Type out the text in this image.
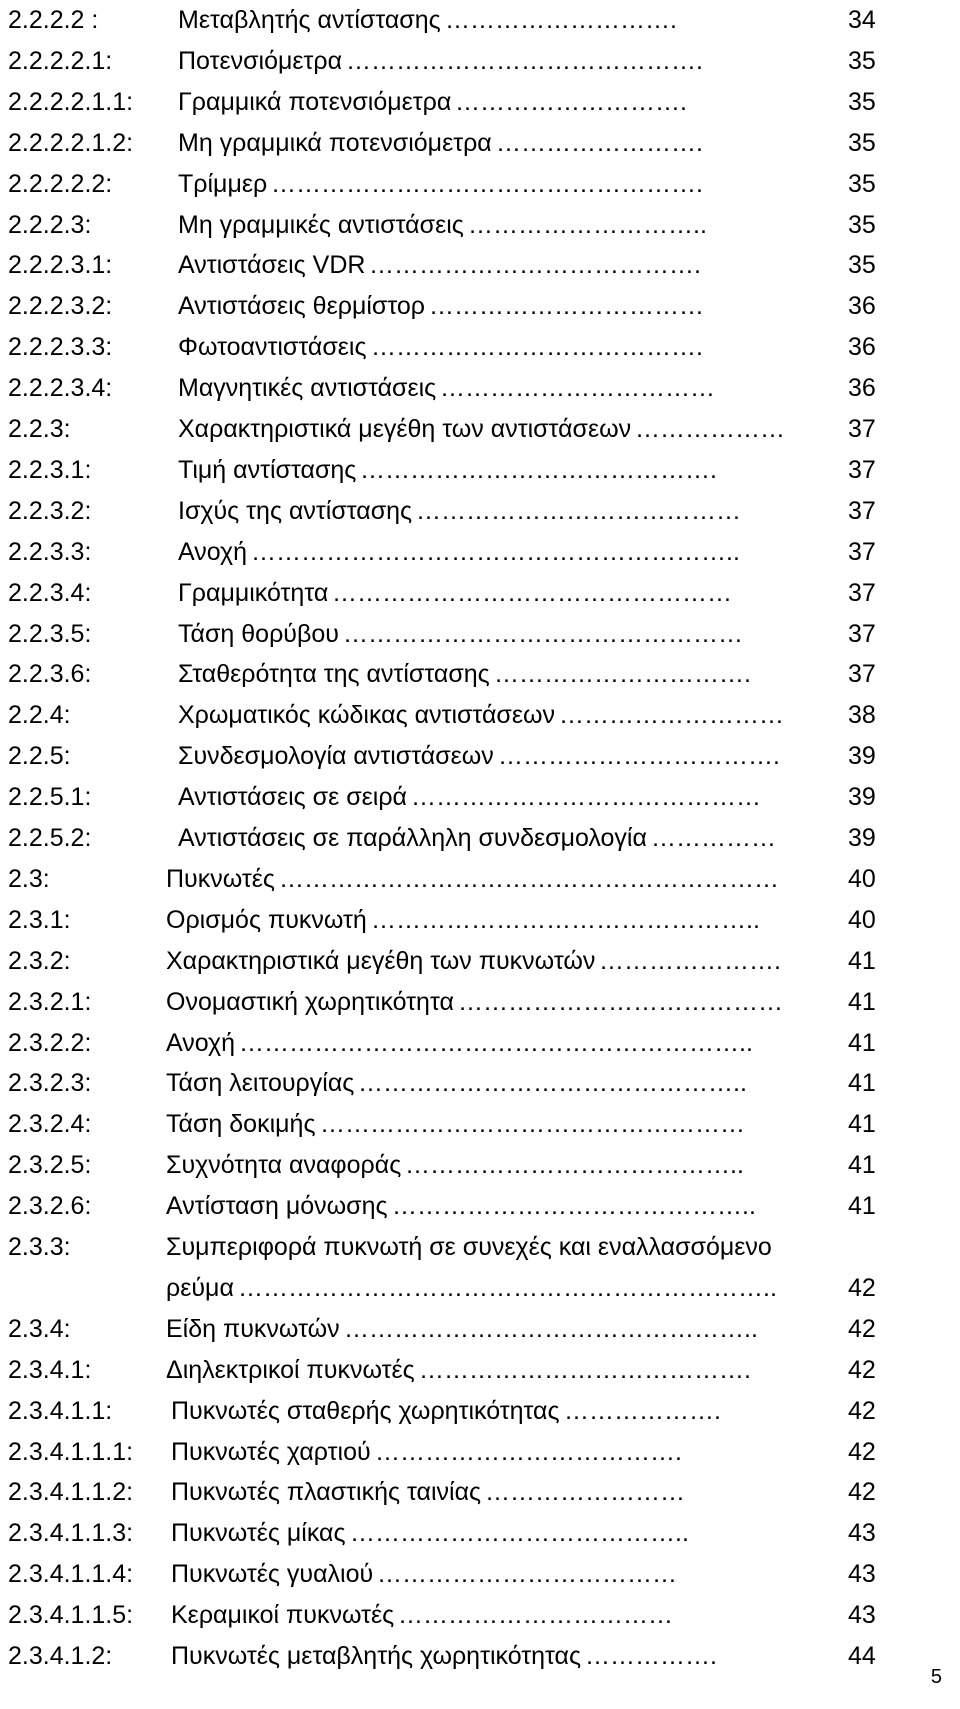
2.2.2.2 :	Μεταβλητής αντίστασης ……………………….	34
2.2.2.2.1:	Ποτενσιόμετρα …………………………………….	35
2.2.2.2.1.1: Γραμμικά ποτενσιόμετρα ……………………….	35
2.2.2.2.1.2: Μη γραμμικά ποτενσιόμετρα …………………….	35
2.2.2.2.2:	Τρίμμερ …………………………………………….	35
2.2.2.3:	Μη γραμμικές αντιστάσεις ………………………..	35
2.2.2.3.1:	Αντιστάσεις VDR ………………………………….	35
2.2.2.3.2:	Αντιστάσεις θερμίστορ ……………………………	36
2.2.2.3.3:	Φωτοαντιστάσεις ………………………………….	36
2.2.2.3.4:	Μαγνητικές αντιστάσεις ……………………………	36
2.2.3:	Χαρακτηριστικά μεγέθη των αντιστάσεων ………………	37
2.2.3.1:	Τιμή αντίστασης …………………………………….	37
2.2.3.2:	Ισχύς της αντίστασης …………………………………	37
2.2.3.3:	Ανοχή …………………………………………………..	37
2.2.3.4:	Γραμμικότητα …………………………………………	37
2.2.3.5:	Τάση θορύβου …………………………………………	37
2.2.3.6:	Σταθερότητα της αντίστασης ………………………….	37
2.2.4:	Χρωματικός κώδικας αντιστάσεων ………………………	38
2.2.5:	Συνδεσμολογία αντιστάσεων …………………………….	39
2.2.5.1:	Αντιστάσεις σε σειρά ……………………………………	39
2.2.5.2:	Αντιστάσεις σε παράλληλη συνδεσμολογία ……………	39
2.3:	Πυκνωτές ……………………………………………………	40
2.3.1:	Ορισμός πυκνωτή ………………………………………..	40
2.3.2:	Χαρακτηριστικά μεγέθη των πυκνωτών ………………….	41
2.3.2.1:	Ονομαστική χωρητικότητα …………………………………	41
2.3.2.2:	Ανοχή ……………………………………………………..	41
2.3.2.3:	Τάση λειτουργίας ………………………………………..	41
2.3.2.4:	Τάση δοκιμής ……………………………………………	41
2.3.2.5:	Συχνότητα αναφοράς …………………………………..	41
2.3.2.6:	Αντίσταση μόνωσης ……………………………………..	41
2.3.3:	Συμπεριφορά πυκνωτή σε συνεχές και εναλλασσόμενο
ρεύμα ………………………………………………………..	42
2.3.4:	Είδη πυκνωτών …………………………………………..	42
2.3.4.1:	Διηλεκτρικοί πυκνωτές ………………………………….	42
2.3.4.1.1: Πυκνωτές σταθερής χωρητικότητας ……………….	42
2.3.4.1.1.1: Πυκνωτές χαρτιού ……………………………….	42
2.3.4.1.1.2: Πυκνωτές πλαστικής ταινίας ……………………	42
2.3.4.1.1.3: Πυκνωτές μίκας …………………………………..	43
2.3.4.1.1.4: Πυκνωτές γυαλιού ………………………………	43
2.3.4.1.1.5: Κεραμικοί πυκνωτές ……………………………	43
2.3.4.1.2: Πυκνωτές μεταβλητής χωρητικότητας …………….	44
5
